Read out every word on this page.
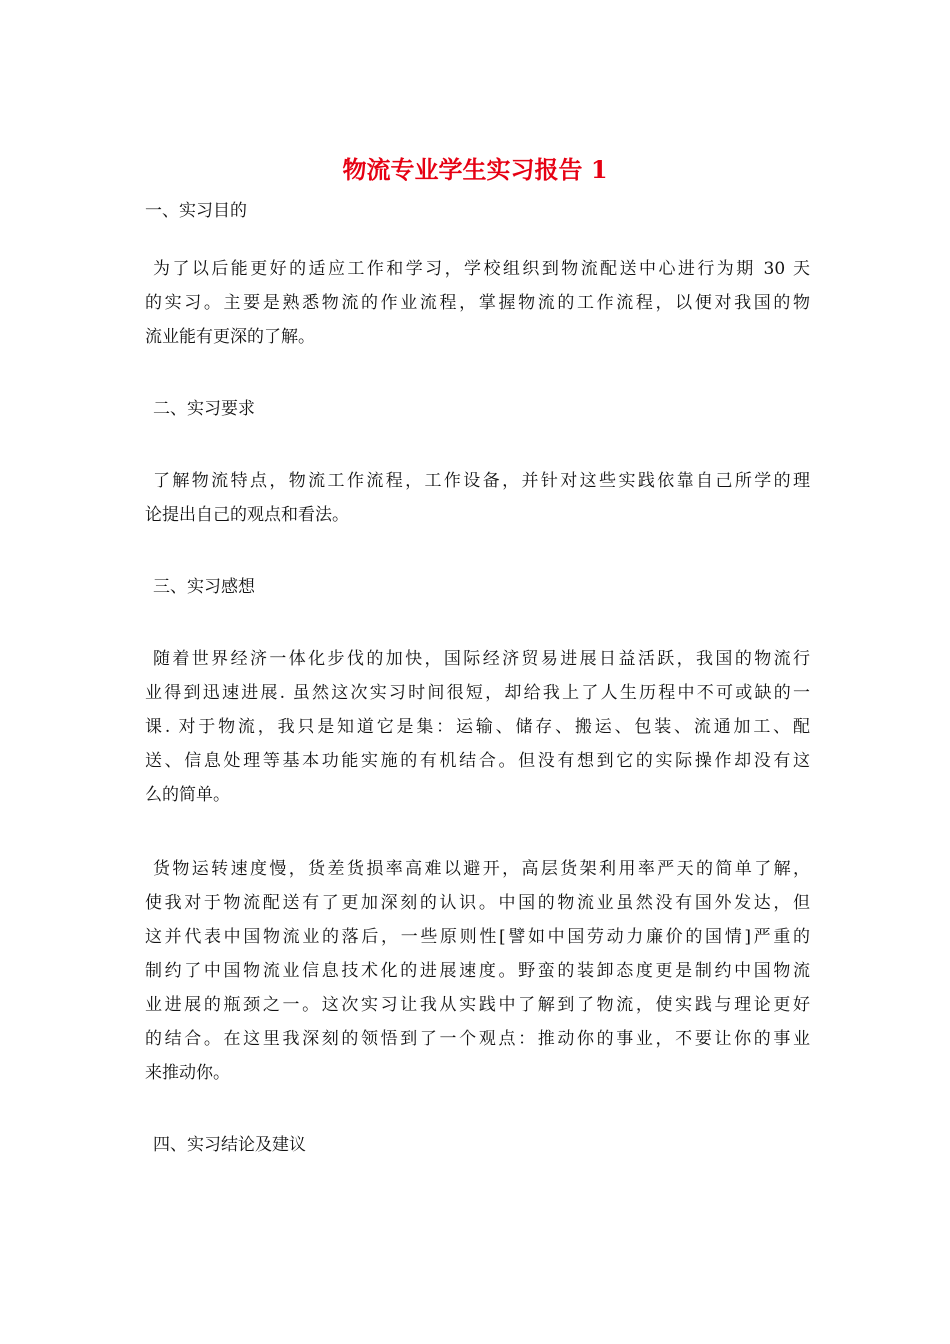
物流专业学生实习报告 1
一、实习目的
为了以后能更好的适应工作和学习，学校组织到物流配送中心进行为期 30 天
的实习。主要是熟悉物流的作业流程，掌握物流的工作流程，以便对我国的物
流业能有更深的了解。
二、实习要求
了解物流特点，物流工作流程，工作设备，并针对这些实践依靠自己所学的理
论提出自己的观点和看法。
三、实习感想
随着世界经济一体化步伐的加快，国际经济贸易进展日益活跃，我国的物流行
业得到迅速进展. 虽然这次实习时间很短，却给我上了人生历程中不可或缺的一
课. 对于物流，我只是知道它是集：运输、储存、搬运、包装、流通加工、配
送、信息处理等基本功能实施的有机结合。但没有想到它的实际操作却没有这
么的简单。
货物运转速度慢，货差货损率高难以避开，高层货架利用率严天的简单了解，
使我对于物流配送有了更加深刻的认识。中国的物流业虽然没有国外发达，但
这并代表中国物流业的落后，一些原则性[譬如中国劳动力廉价的国情]严重的
制约了中国物流业信息技术化的进展速度。野蛮的装卸态度更是制约中国物流
业进展的瓶颈之一。这次实习让我从实践中了解到了物流，使实践与理论更好
的结合。在这里我深刻的领悟到了一个观点：推动你的事业，不要让你的事业
来推动你。
四、实习结论及建议
